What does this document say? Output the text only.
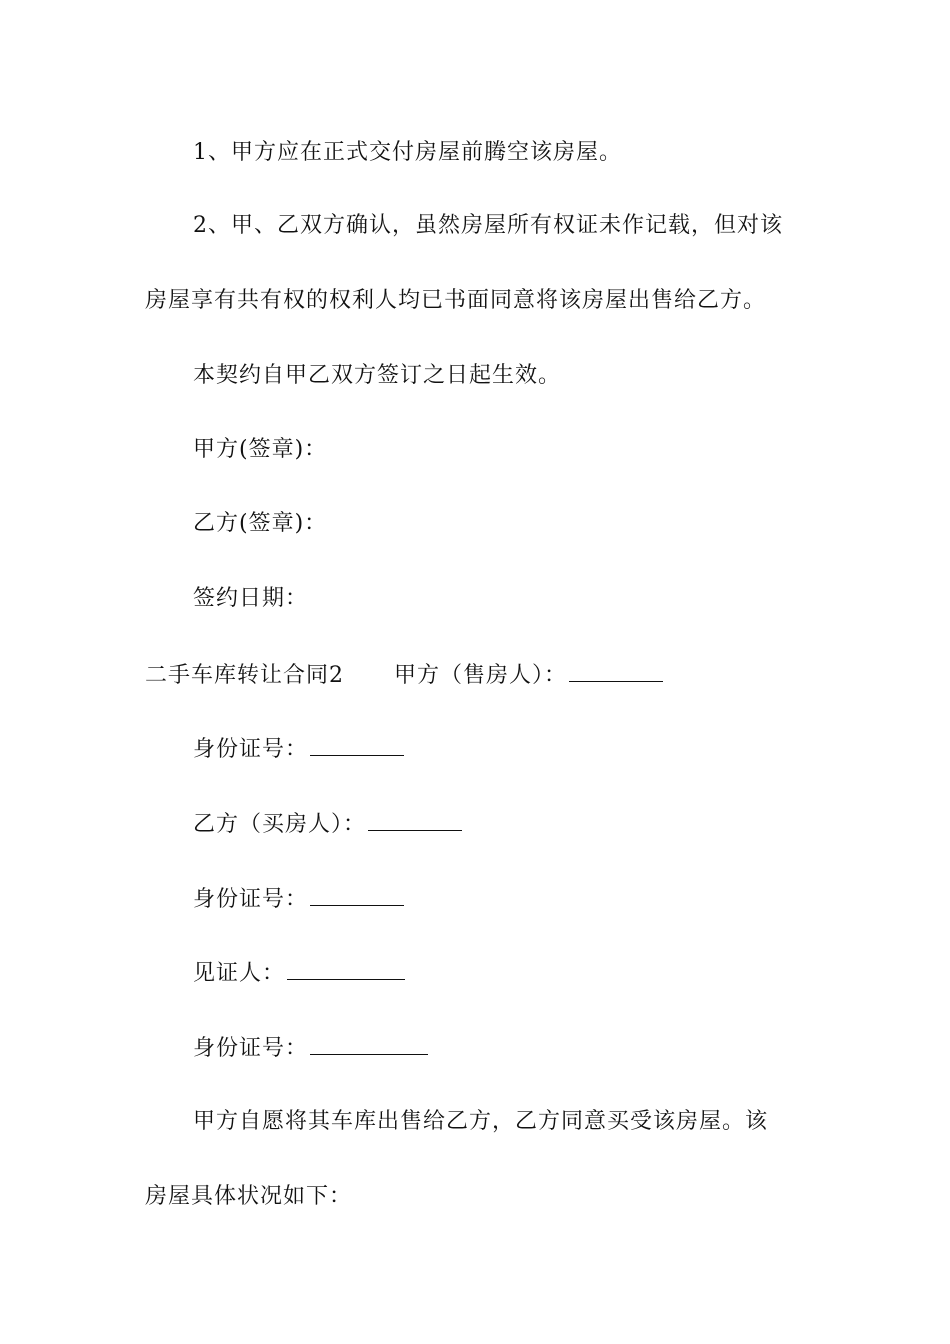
1、甲方应在正式交付房屋前腾空该房屋。
2、甲、乙双方确认，虽然房屋所有权证未作记载，但对该
房屋享有共有权的权利人均已书面同意将该房屋出售给乙方。
本契约自甲乙双方签订之日起生效。
甲方(签章)：
乙方(签章)：
签约日期：
二手车库转让合同2 甲方（售房人）：
身份证号：
乙方（买房人）：
身份证号：
见证人：
身份证号：
甲方自愿将其车库出售给乙方，乙方同意买受该房屋。该
房屋具体状况如下：
